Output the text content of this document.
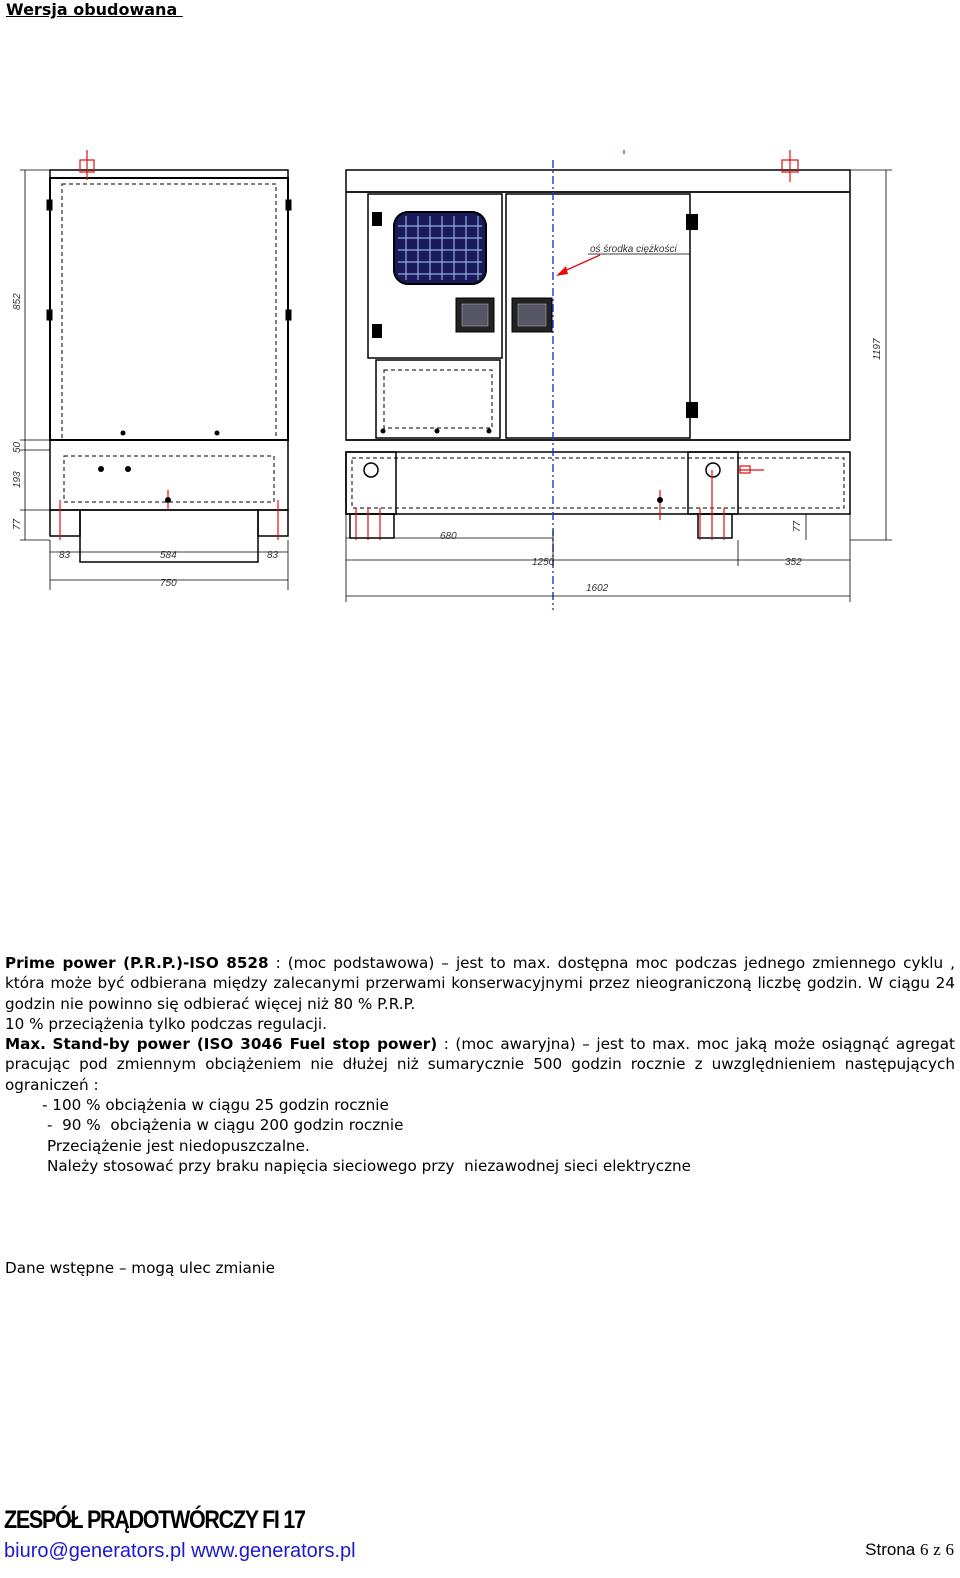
Wersja obudowana
852
50
193
77
83	584	83
750
oś środka ciężkości
1197
77
680
1250	352
1602
Prime power (P.R.P.)-ISO 8528 : (moc podstawowa) – jest to max. dostępna moc podczas jednego zmiennego cyklu , która może być odbierana między zalecanymi przerwami konserwacyjnymi przez nieograniczoną liczbę godzin. W ciągu 24 godzin nie powinno się odbierać więcej niż 80 % P.R.P.
10 % przeciążenia tylko podczas regulacji.
Max. Stand-by power (ISO 3046 Fuel stop power) : (moc awaryjna) – jest to max. moc jaką może osiągnąć agregat pracując pod zmiennym obciążeniem nie dłużej niż sumarycznie 500 godzin rocznie z uwzględnieniem następujących ograniczeń :
- 100 % obciążenia w ciągu 25 godzin rocznie
-  90 %  obciążenia w ciągu 200 godzin rocznie
Przeciążenie jest niedopuszczalne.
Należy stosować przy braku napięcia sieciowego przy  niezawodnej sieci elektryczne
Dane wstępne – mogą ulec zmianie
ZESPÓŁ PRĄDOTWÓRCZY FI 17
biuro@generators.pl www.generators.pl	Strona 6 z 6
